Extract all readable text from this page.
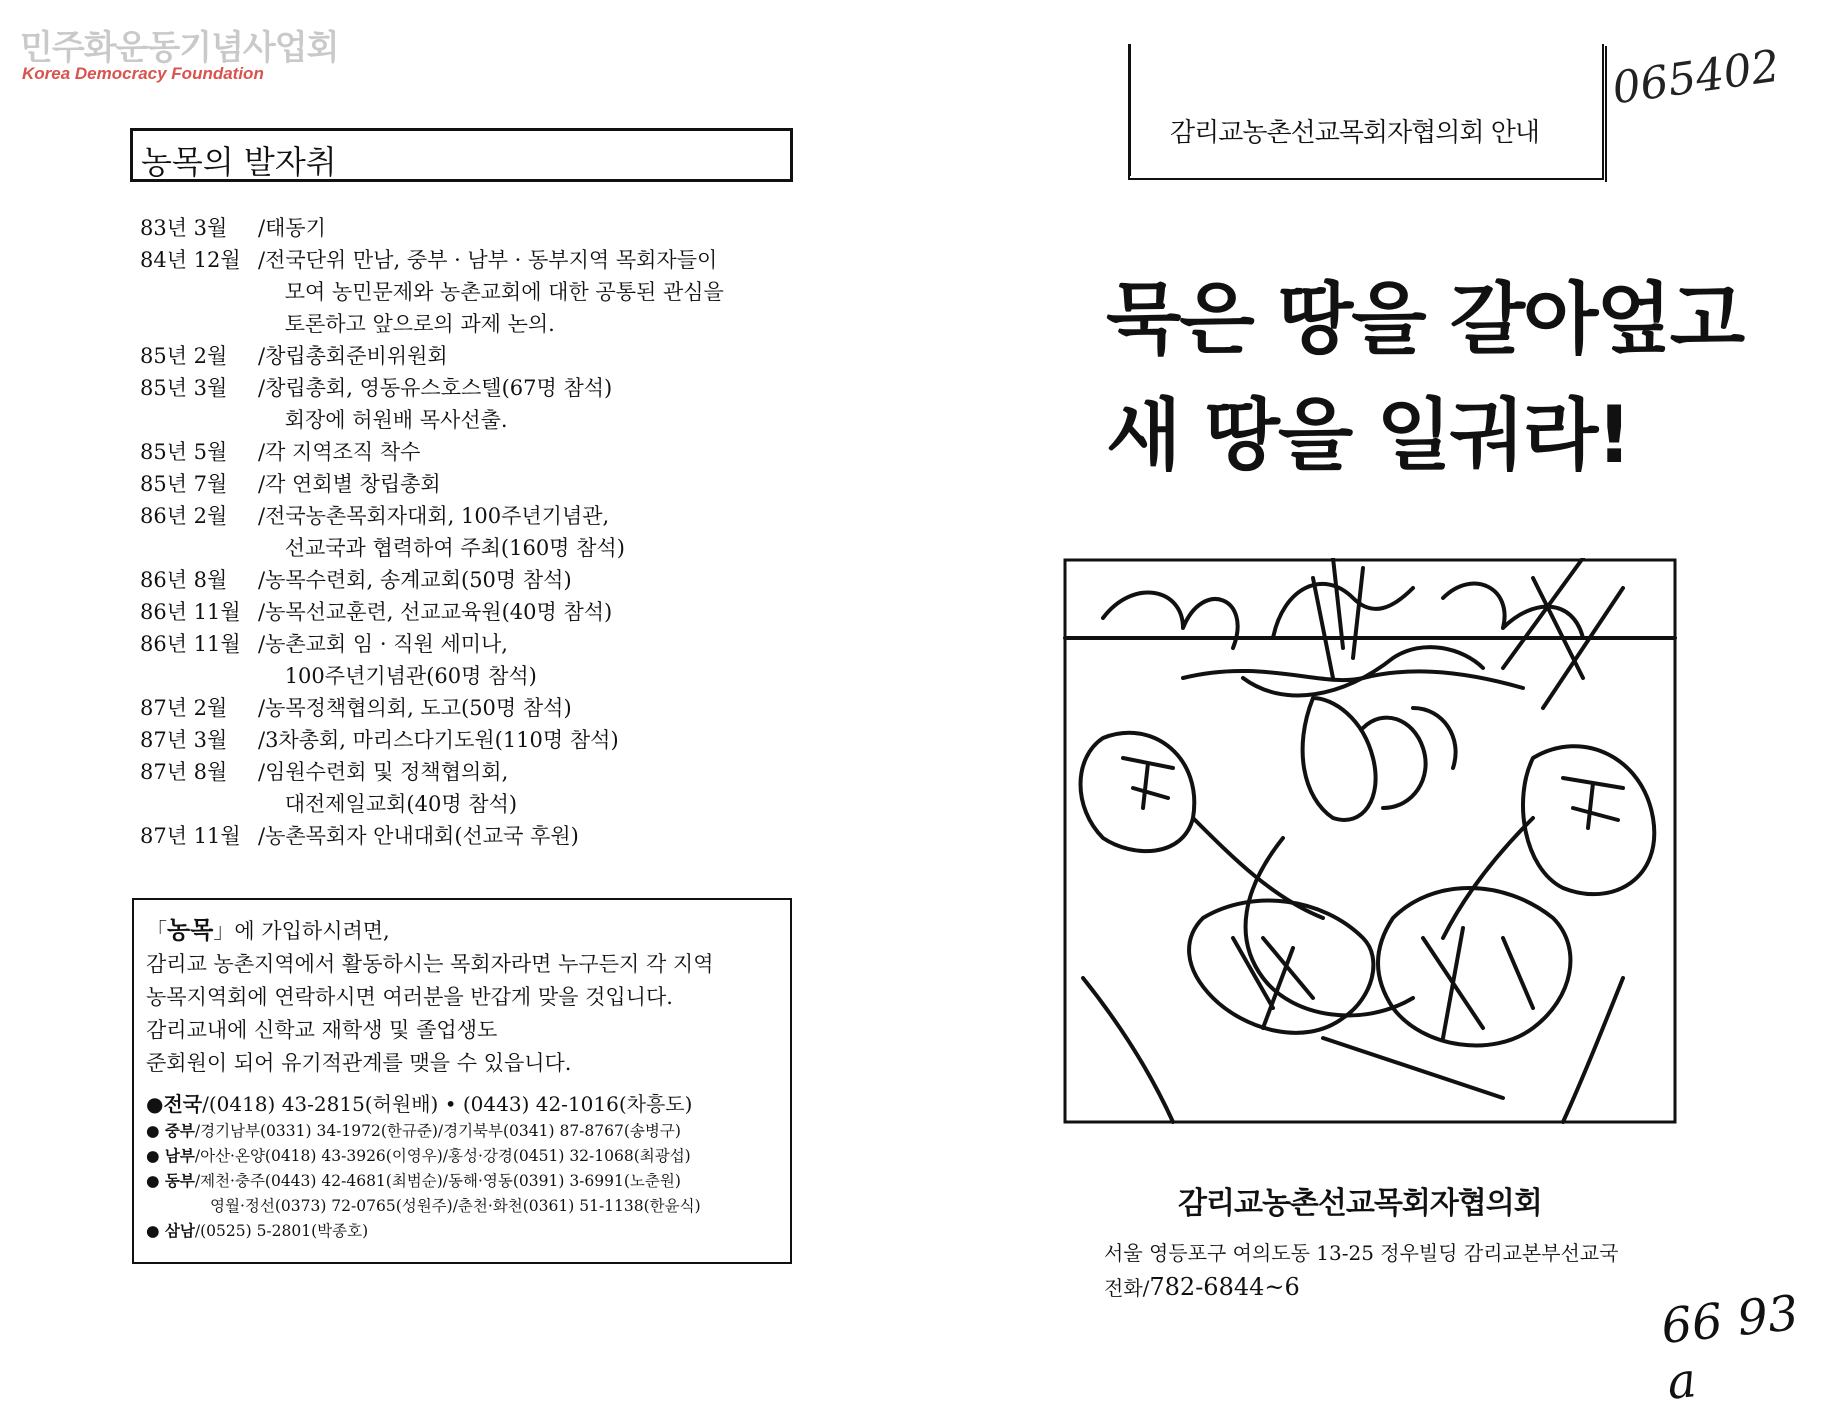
민주화운동기념사업회
Korea Democracy Foundation
농목의 발자취
83년 3월	/태동기
84년 12월 /전국단위 만남, 중부 · 남부 · 동부지역 목회자들이
모여 농민문제와 농촌교회에 대한 공통된 관심을
토론하고 앞으로의 과제 논의.
85년 2월	/창립총회준비위원회
85년 3월	/창립총회, 영동유스호스텔(67명 참석)
회장에 허원배 목사선출.
85년 5월	/각 지역조직 착수
85년 7월	/각 연회별 창립총회
86년 2월	/전국농촌목회자대회, 100주년기념관,
선교국과 협력하여 주최(160명 참석)
86년 8월	/농목수련회, 송계교회(50명 참석)
86년 11월 /농목선교훈련, 선교교육원(40명 참석)
86년 11월 /농촌교회 임 · 직원 세미나,
100주년기념관(60명 참석)
87년 2월	/농목정책협의회, 도고(50명 참석)
87년 3월	/3차총회, 마리스다기도원(110명 참석)
87년 8월	/임원수련회 및 정책협의회,
대전제일교회(40명 참석)
87년 11월 /농촌목회자 안내대회(선교국 후원)
「농목」에 가입하시려면,
감리교 농촌지역에서 활동하시는 목회자라면 누구든지 각 지역
농목지역회에 연락하시면 여러분을 반갑게 맞을 것입니다.
감리교내에 신학교 재학생 및 졸업생도
준회원이 되어 유기적관계를 맺을 수 있읍니다.
●전국/(0418) 43-2815(허원배) • (0443) 42-1016(차흥도)
● 중부/경기남부(0331) 34-1972(한규준)/경기북부(0341) 87-8767(송병구)
● 남부/아산·온양(0418) 43-3926(이영우)/홍성·강경(0451) 32-1068(최광섭)
● 동부/제천·충주(0443) 42-4681(최범순)/동해·영동(0391) 3-6991(노춘원)
영월·정선(0373) 72-0765(성원주)/춘천·화천(0361) 51-1138(한윤식)
● 삼남/(0525) 5-2801(박종호)
감리교농촌선교목회자협의회 안내
065402
묵은 땅을 갈아엎고
새 땅을 일궈라!
감리교농촌선교목회자협의회
서울 영등포구 여의도동 13-25 정우빌딩 감리교본부선교국
전화/782-6844~6	66 93 a
